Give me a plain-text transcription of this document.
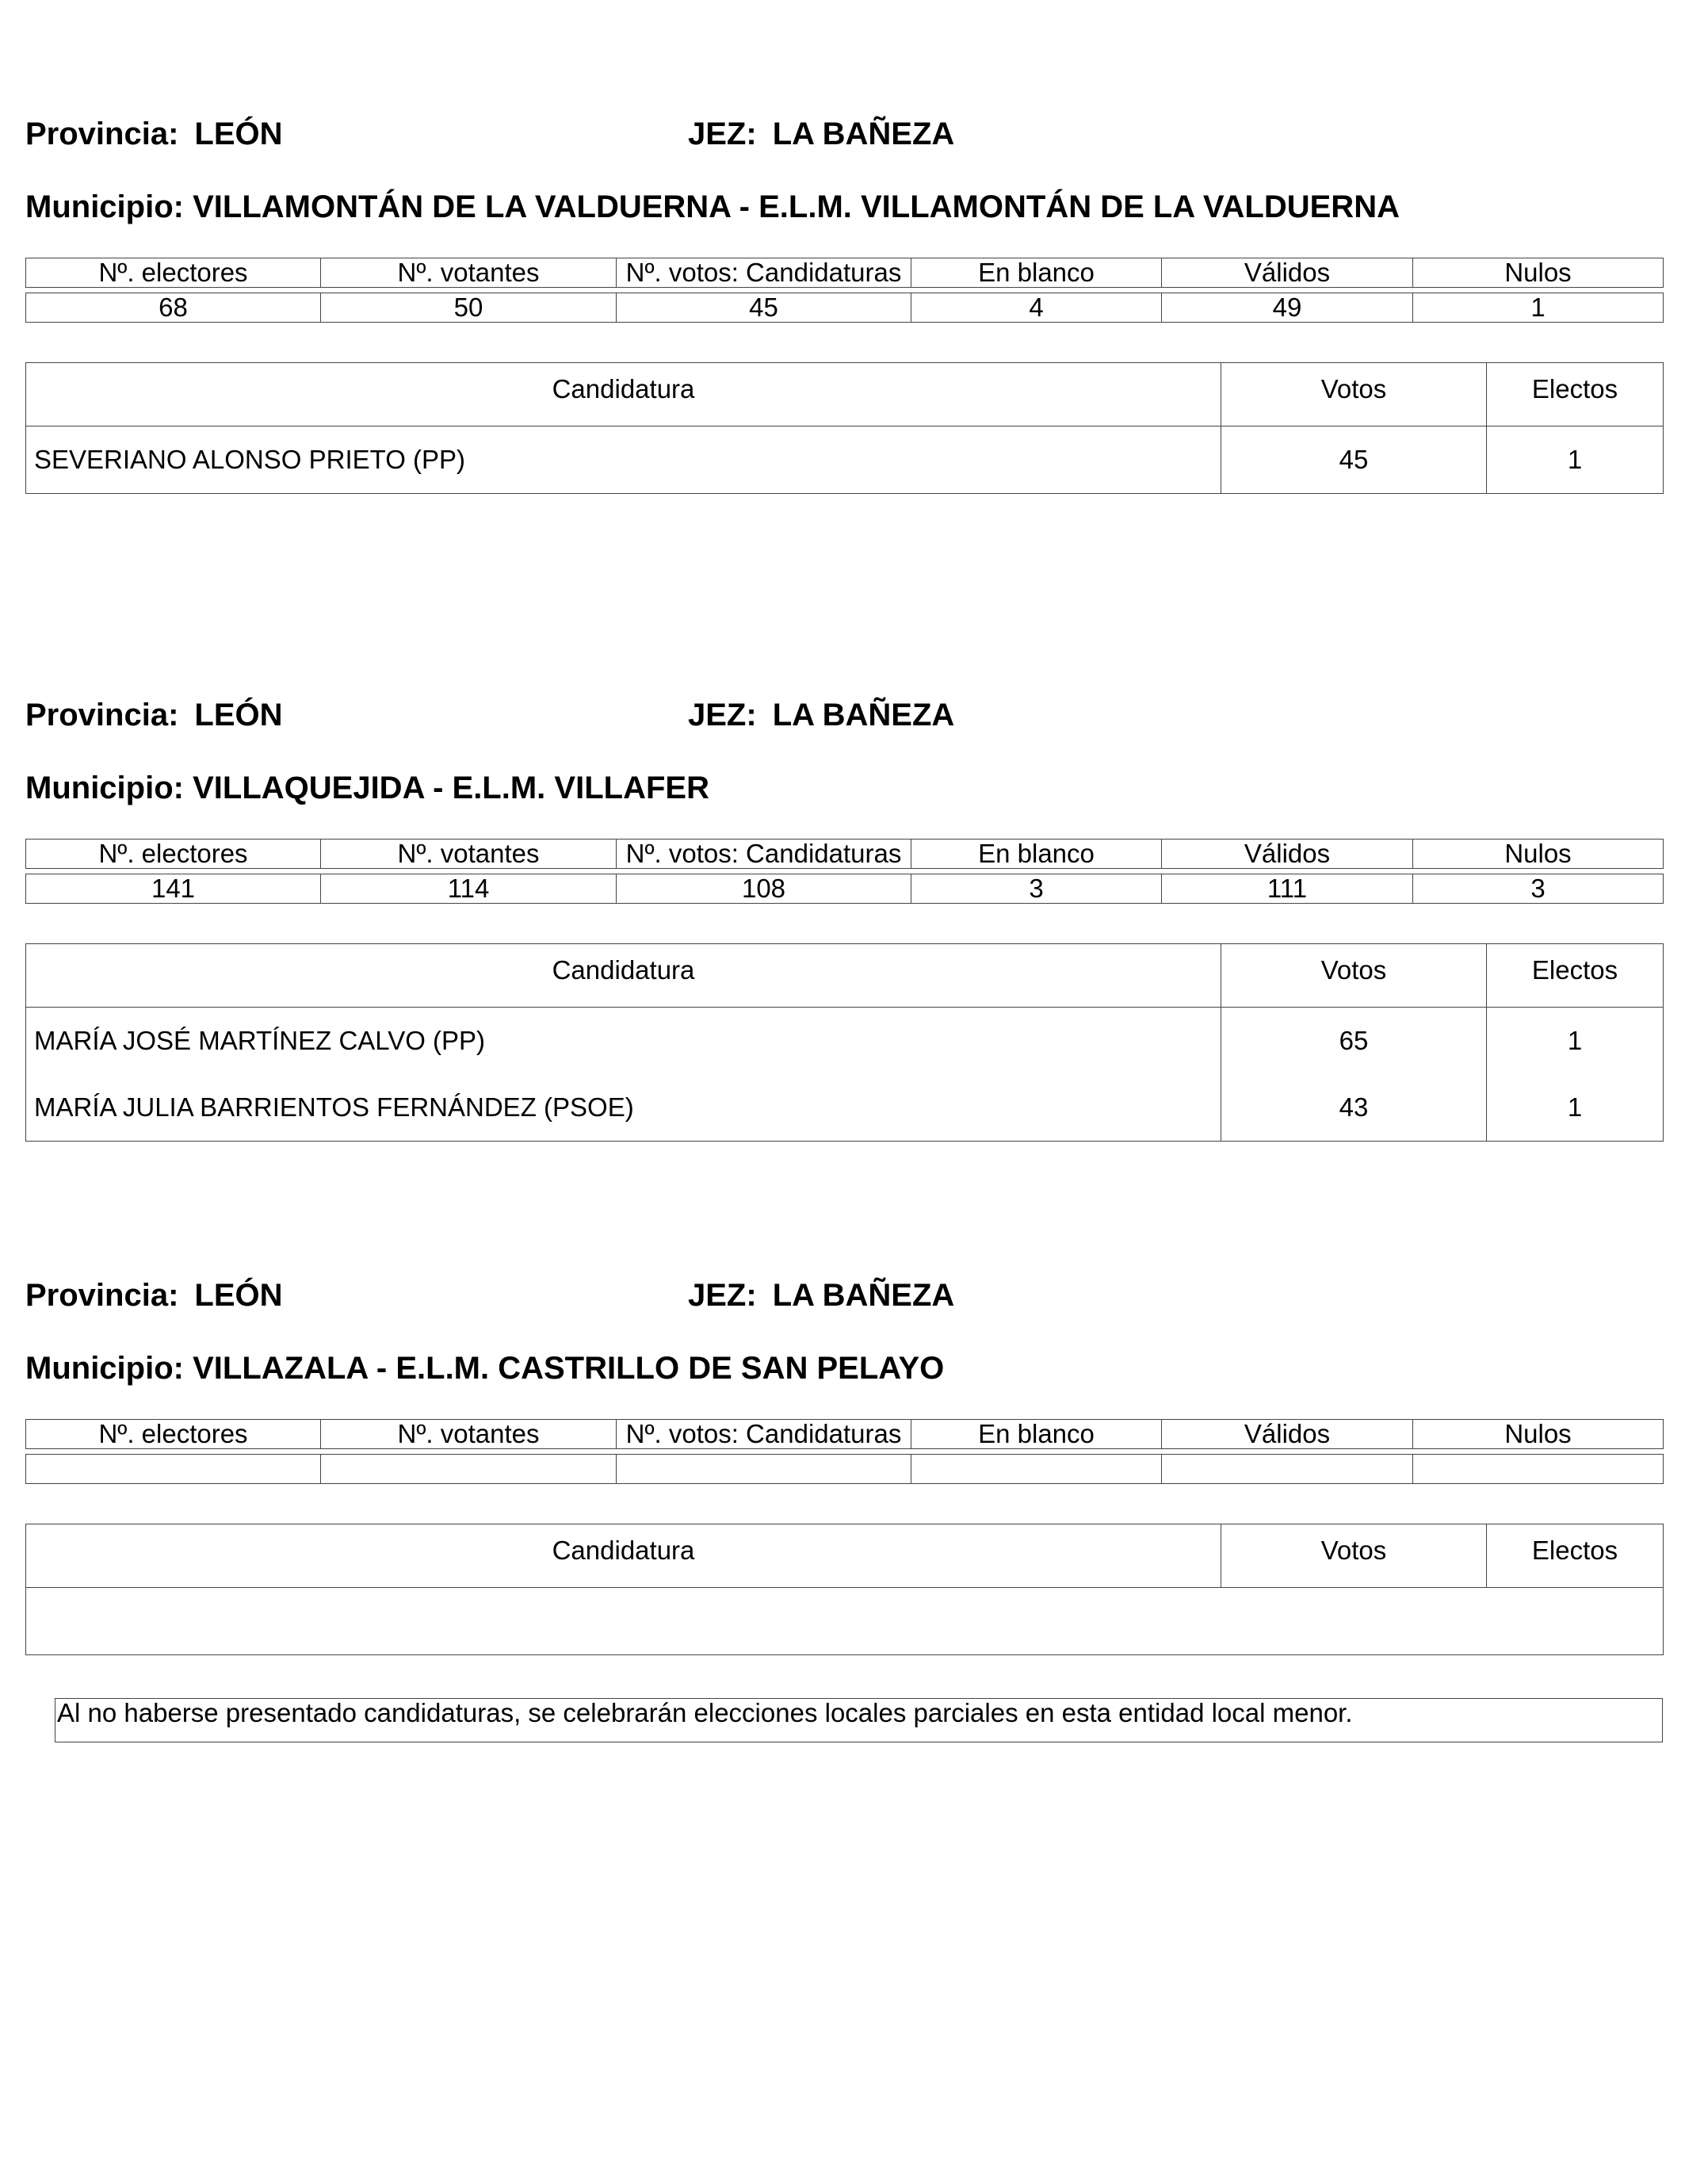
Provincia: LEÓN	JEZ: LA BAÑEZA
Municipio: VILLAMONTÁN DE LA VALDUERNA - E.L.M. VILLAMONTÁN DE LA VALDUERNA
Nº. electores	Nº. votantes	Nº. votos: Candidaturas	En blanco	Válidos	Nulos

68	50	45	4	49	1
Candidatura	Votos	Electos
SEVERIANO ALONSO PRIETO (PP)	45	1
Provincia: LEÓN	JEZ: LA BAÑEZA
Municipio: VILLAQUEJIDA - E.L.M. VILLAFER
Nº. electores	Nº. votantes	Nº. votos: Candidaturas	En blanco	Válidos	Nulos

141	114	108	3	111	3
Candidatura	Votos	Electos
MARÍA JOSÉ MARTÍNEZ CALVO (PP)	65	1
MARÍA JULIA BARRIENTOS FERNÁNDEZ (PSOE)	43	1
Provincia: LEÓN	JEZ: LA BAÑEZA
Municipio: VILLAZALA - E.L.M. CASTRILLO DE SAN PELAYO
Nº. electores	Nº. votantes	Nº. votos: Candidaturas	En blanco	Válidos	Nulos

Candidatura	Votos	Electos

Al no haberse presentado candidaturas, se celebrarán elecciones locales parciales en esta entidad local menor.
